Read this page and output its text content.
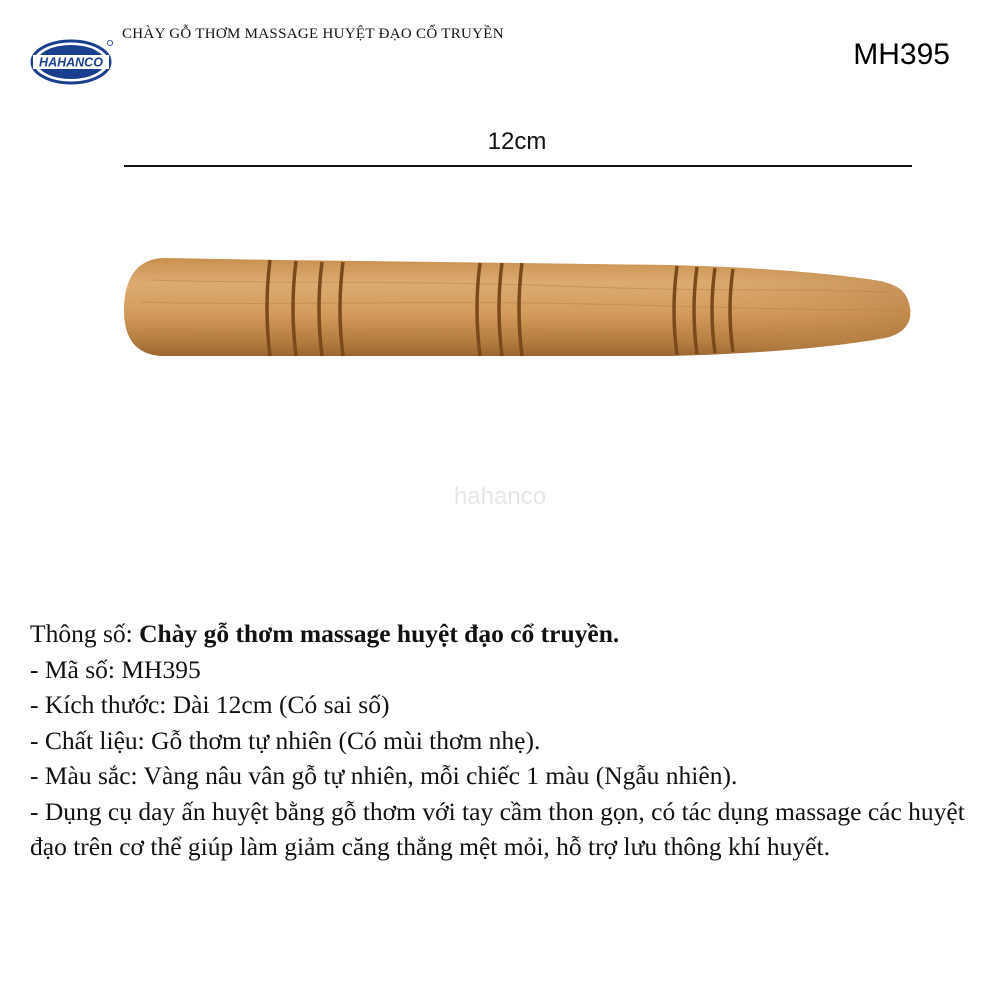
HAHANCO
CHÀY GỖ THƠM MASSAGE HUYỆT ĐẠO CỔ TRUYỀN
MH395
12cm
hahanco

Thông số: Chày gỗ thơm massage huyệt đạo cổ truyền.

- Mã số: MH395

- Kích thước: Dài 12cm (Có sai số)

- Chất liệu: Gỗ thơm tự nhiên (Có mùi thơm nhẹ).

- Màu sắc: Vàng nâu vân gỗ tự nhiên, mỗi chiếc 1 màu (Ngẫu nhiên).

- Dụng cụ day ấn huyệt bằng gỗ thơm với tay cầm thon gọn, có tác dụng massage các huyệt đạo trên cơ thể giúp làm giảm căng thẳng mệt mỏi, hỗ trợ lưu thông khí huyết.
